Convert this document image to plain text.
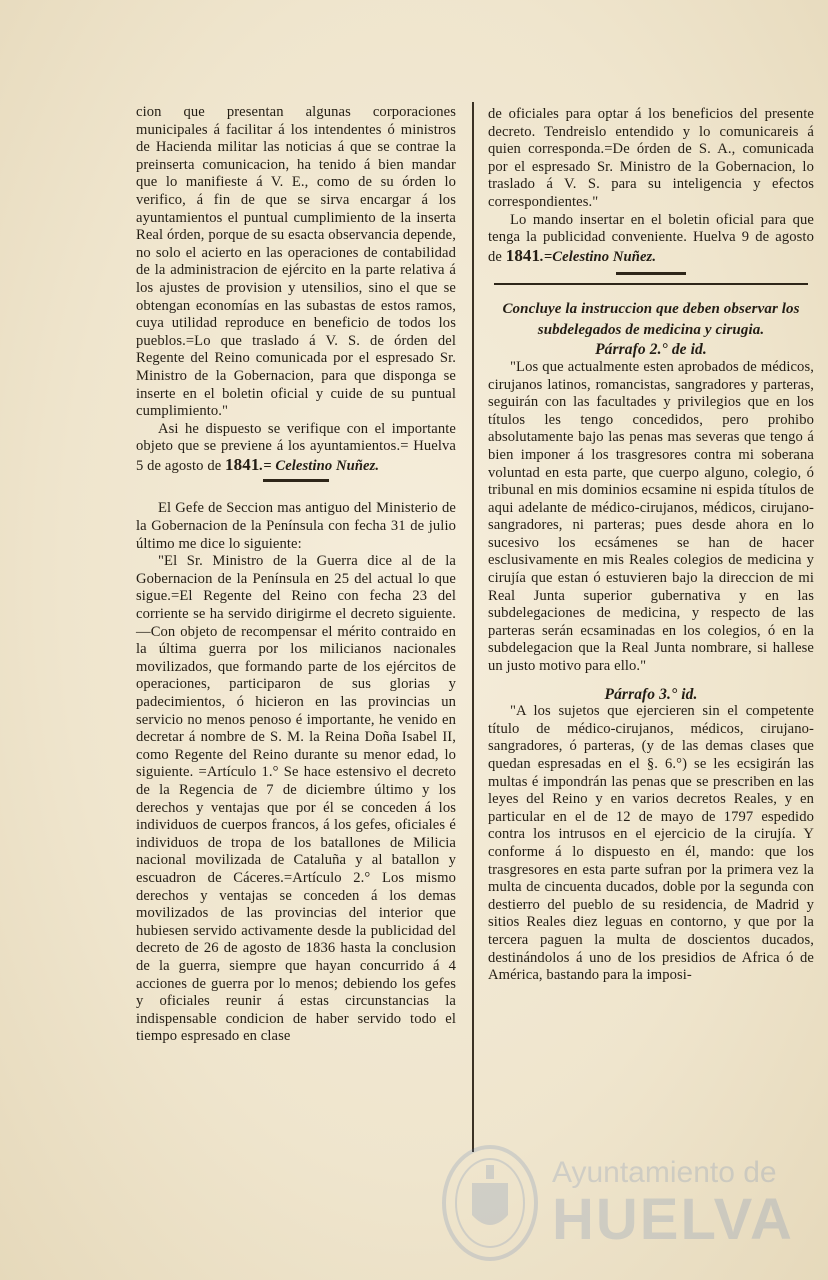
cion que presentan algunas corporaciones municipales á facilitar á los intendentes ó ministros de Hacienda militar las noticias á que se contrae la preinserta comunicacion, ha tenido á bien mandar que lo manifieste á V. E., como de su órden lo verifico, á fin de que se sirva encargar á los ayuntamientos el puntual cumplimiento de la inserta Real órden, porque de su esacta observancia depende, no solo el acierto en las operaciones de contabilidad de la administracion de ejército en la parte relativa á los ajustes de provision y utensilios, sino el que se obtengan economías en las subastas de estos ramos, cuya utilidad reproduce en beneficio de todos los pueblos.=Lo que traslado á V. S. de órden del Regente del Reino comunicada por el espresado Sr. Ministro de la Gobernacion, para que disponga se inserte en el boletin oficial y cuide de su puntual cumplimiento."

Asi he dispuesto se verifique con el importante objeto que se previene á los ayuntamientos.= Huelva 5 de agosto de 1841.= Celestino Nuñez.

El Gefe de Seccion mas antiguo del Ministerio de la Gobernacion de la Península con fecha 31 de julio último me dice lo siguiente:

"El Sr. Ministro de la Guerra dice al de la Gobernacion de la Península en 25 del actual lo que sigue.=El Regente del Reino con fecha 23 del corriente se ha servido dirigirme el decreto siguiente.—Con objeto de recompensar el mérito contraido en la última guerra por los milicianos nacionales movilizados, que formando parte de los ejércitos de operaciones, participaron de sus glorias y padecimientos, ó hicieron en las provincias un servicio no menos penoso é importante, he venido en decretar á nombre de S. M. la Reina Doña Isabel II, como Regente del Reino durante su menor edad, lo siguiente. =Artículo 1.° Se hace estensivo el decreto de la Regencia de 7 de diciembre último y los derechos y ventajas que por él se conceden á los individuos de cuerpos francos, á los gefes, oficiales é individuos de tropa de los batallones de Milicia nacional movilizada de Cataluña y al batallon y escuadron de Cáceres.=Artículo 2.° Los mismo derechos y ventajas se conceden á los demas movilizados de las provincias del interior que hubiesen servido activamente desde la publicidad del decreto de 26 de agosto de 1836 hasta la conclusion de la guerra, siempre que hayan concurrido á 4 acciones de guerra por lo menos; debiendo los gefes y oficiales reunir á estas circunstancias la indispensable condicion de haber servido todo el tiempo espresado en clase

de oficiales para optar á los beneficios del presente decreto. Tendreislo entendido y lo comunicareis á quien corresponda.=De órden de S. A., comunicada por el espresado Sr. Ministro de la Gobernacion, lo traslado á V. S. para su inteligencia y efectos correspondientes."

Lo mando insertar en el boletin oficial para que tenga la publicidad conveniente. Huelva 9 de agosto de 1841.=Celestino Nuñez.

Concluye la instruccion que deben observar los subdelegados de medicina y cirugia.

Párrafo 2.° de id.

"Los que actualmente esten aprobados de médicos, cirujanos latinos, romancistas, sangradores y parteras, seguirán con las facultades y privilegios que en los títulos les tengo concedidos, pero prohibo absolutamente bajo las penas mas severas que tengo á bien imponer á los trasgresores contra mi soberana voluntad en esta parte, que cuerpo alguno, colegio, ó tribunal en mis dominios ecsamine ni espida títulos de aqui adelante de médico-cirujanos, médicos, cirujano-sangradores, ni parteras; pues desde ahora en lo sucesivo los ecsámenes se han de hacer esclusivamente en mis Reales colegios de medicina y cirujía que estan ó estuvieren bajo la direccion de mi Real Junta superior gubernativa y en las subdelegaciones de medicina, y respecto de las parteras serán ecsaminadas en los colegios, ó en la subdelegacion que la Real Junta nombrare, si hallese un justo motivo para ello."

Párrafo 3.° id.

"A los sujetos que ejercieren sin el competente título de médico-cirujanos, médicos, cirujano-sangradores, ó parteras, (y de las demas clases que quedan espresadas en el §. 6.°) se les ecsigirán las multas é impondrán las penas que se prescriben en las leyes del Reino y en varios decretos Reales, y en particular en el de 12 de mayo de 1797 espedido contra los intrusos en el ejercicio de la cirujía. Y conforme á lo dispuesto en él, mando: que los trasgresores en esta parte sufran por la primera vez la multa de cincuenta ducados, doble por la segunda con destierro del pueblo de su residencia, de Madrid y sitios Reales diez leguas en contorno, y que por la tercera paguen la multa de doscientos ducados, destinándolos á uno de los presidios de Africa ó de América, bastando para la imposi-

Ayuntamiento de
HUELVA
